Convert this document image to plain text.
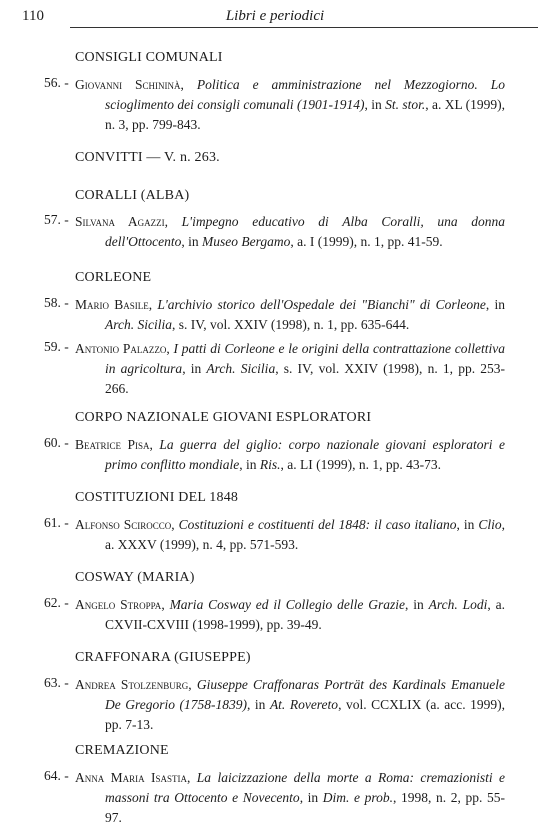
110	Libri e periodici
CONSIGLI COMUNALI
56. - Giovanni Schininà, Politica e amministrazione nel Mezzogiorno. Lo scioglimento dei consigli comunali (1901-1914), in St. stor., a. XL (1999), n. 3, pp. 799-843.
CONVITTI — V. n. 263.
CORALLI (ALBA)
57. - Silvana Agazzi, L'impegno educativo di Alba Coralli, una donna dell'Ottocento, in Museo Bergamo, a. I (1999), n. 1, pp. 41-59.
CORLEONE
58. - Mario Basile, L'archivio storico dell'Ospedale dei "Bianchi" di Corleone, in Arch. Sicilia, s. IV, vol. XXIV (1998), n. 1, pp. 635-644.
59. - Antonio Palazzo, I patti di Corleone e le origini della contrattazione collettiva in agricoltura, in Arch. Sicilia, s. IV, vol. XXIV (1998), n. 1, pp. 253-266.
CORPO NAZIONALE GIOVANI ESPLORATORI
60. - Beatrice Pisa, La guerra del giglio: corpo nazionale giovani esploratori e primo conflitto mondiale, in Ris., a. LI (1999), n. 1, pp. 43-73.
COSTITUZIONI DEL 1848
61. - Alfonso Scirocco, Costituzioni e costituenti del 1848: il caso italiano, in Clio, a. XXXV (1999), n. 4, pp. 571-593.
COSWAY (MARIA)
62. - Angelo Stroppa, Maria Cosway ed il Collegio delle Grazie, in Arch. Lodi, a. CXVII-CXVIII (1998-1999), pp. 39-49.
CRAFFONARA (GIUSEPPE)
63. - Andrea Stolzenburg, Giuseppe Craffonaras Porträt des Kardinals Emanuele De Gregorio (1758-1839), in At. Rovereto, vol. CCXLIX (a. acc. 1999), pp. 7-13.
CREMAZIONE
64. - Anna Maria Isastia, La laicizzazione della morte a Roma: cremazionisti e massoni tra Ottocento e Novecento, in Dim. e prob., 1998, n. 2, pp. 55-97.
